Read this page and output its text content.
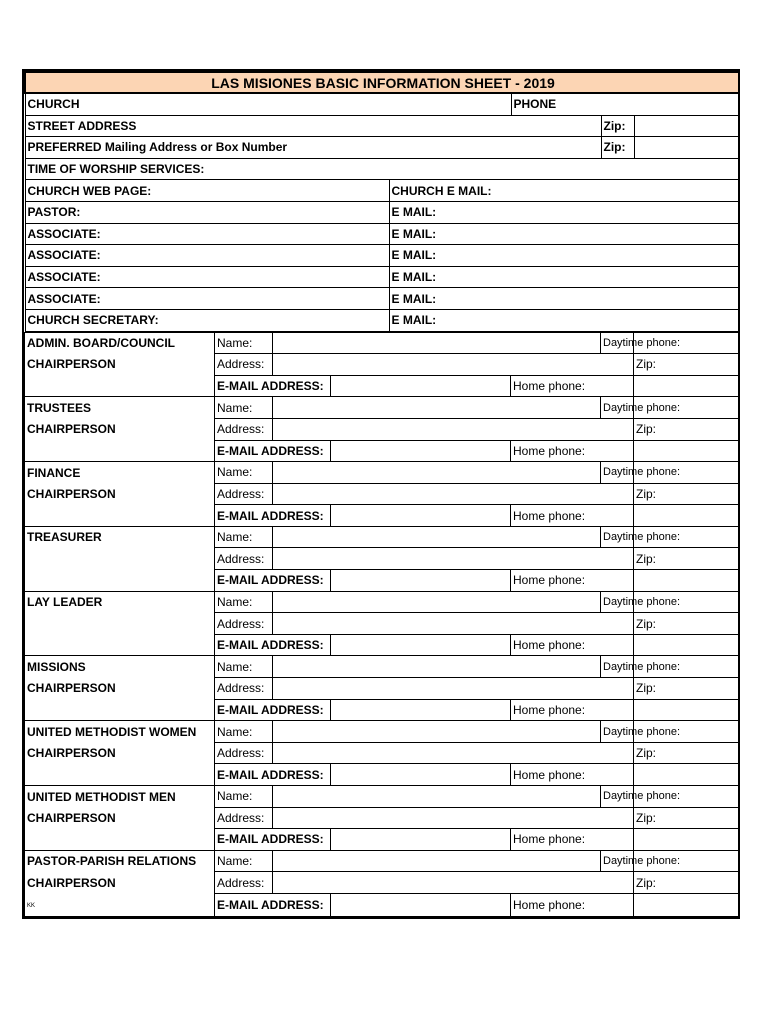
LAS MISIONES BASIC INFORMATION SHEET - 2019				
CHURCH		PHONE		
STREET ADDRESS			Zip:	
PREFERRED Mailing Address or Box Number			Zip:	
TIME OF WORSHIP SERVICES:				
CHURCH WEB PAGE:	CHURCH E MAIL:			
PASTOR:	E MAIL:			
ASSOCIATE:	E MAIL:			
ASSOCIATE:	E MAIL:			
ASSOCIATE:	E MAIL:			
ASSOCIATE:	E MAIL:			
CHURCH SECRETARY:	E MAIL:			
ADMIN. BOARD/COUNCIL	Name:				Daytime phone:	
CHAIRPERSON	Address:					Zip:
	E-MAIL ADDRESS:			Home phone:		
TRUSTEES	Name:				Daytime phone:	
CHAIRPERSON	Address:					Zip:
	E-MAIL ADDRESS:			Home phone:		
FINANCE	Name:				Daytime phone:	
CHAIRPERSON	Address:					Zip:
	E-MAIL ADDRESS:			Home phone:		
TREASURER	Name:				Daytime phone:	
	Address:					Zip:
	E-MAIL ADDRESS:			Home phone:		
LAY LEADER	Name:				Daytime phone:	
	Address:					Zip:
	E-MAIL ADDRESS:			Home phone:		
MISSIONS	Name:				Daytime phone:	
CHAIRPERSON	Address:					Zip:
	E-MAIL ADDRESS:			Home phone:		
UNITED METHODIST WOMEN	Name:				Daytime phone:	
CHAIRPERSON	Address:					Zip:
	E-MAIL ADDRESS:			Home phone:		
UNITED METHODIST MEN	Name:				Daytime phone:	
CHAIRPERSON	Address:					Zip:
	E-MAIL ADDRESS:			Home phone:		
PASTOR-PARISH RELATIONS	Name:				Daytime phone:	
CHAIRPERSON	Address:					Zip:
KK	E-MAIL ADDRESS:			Home phone:		
